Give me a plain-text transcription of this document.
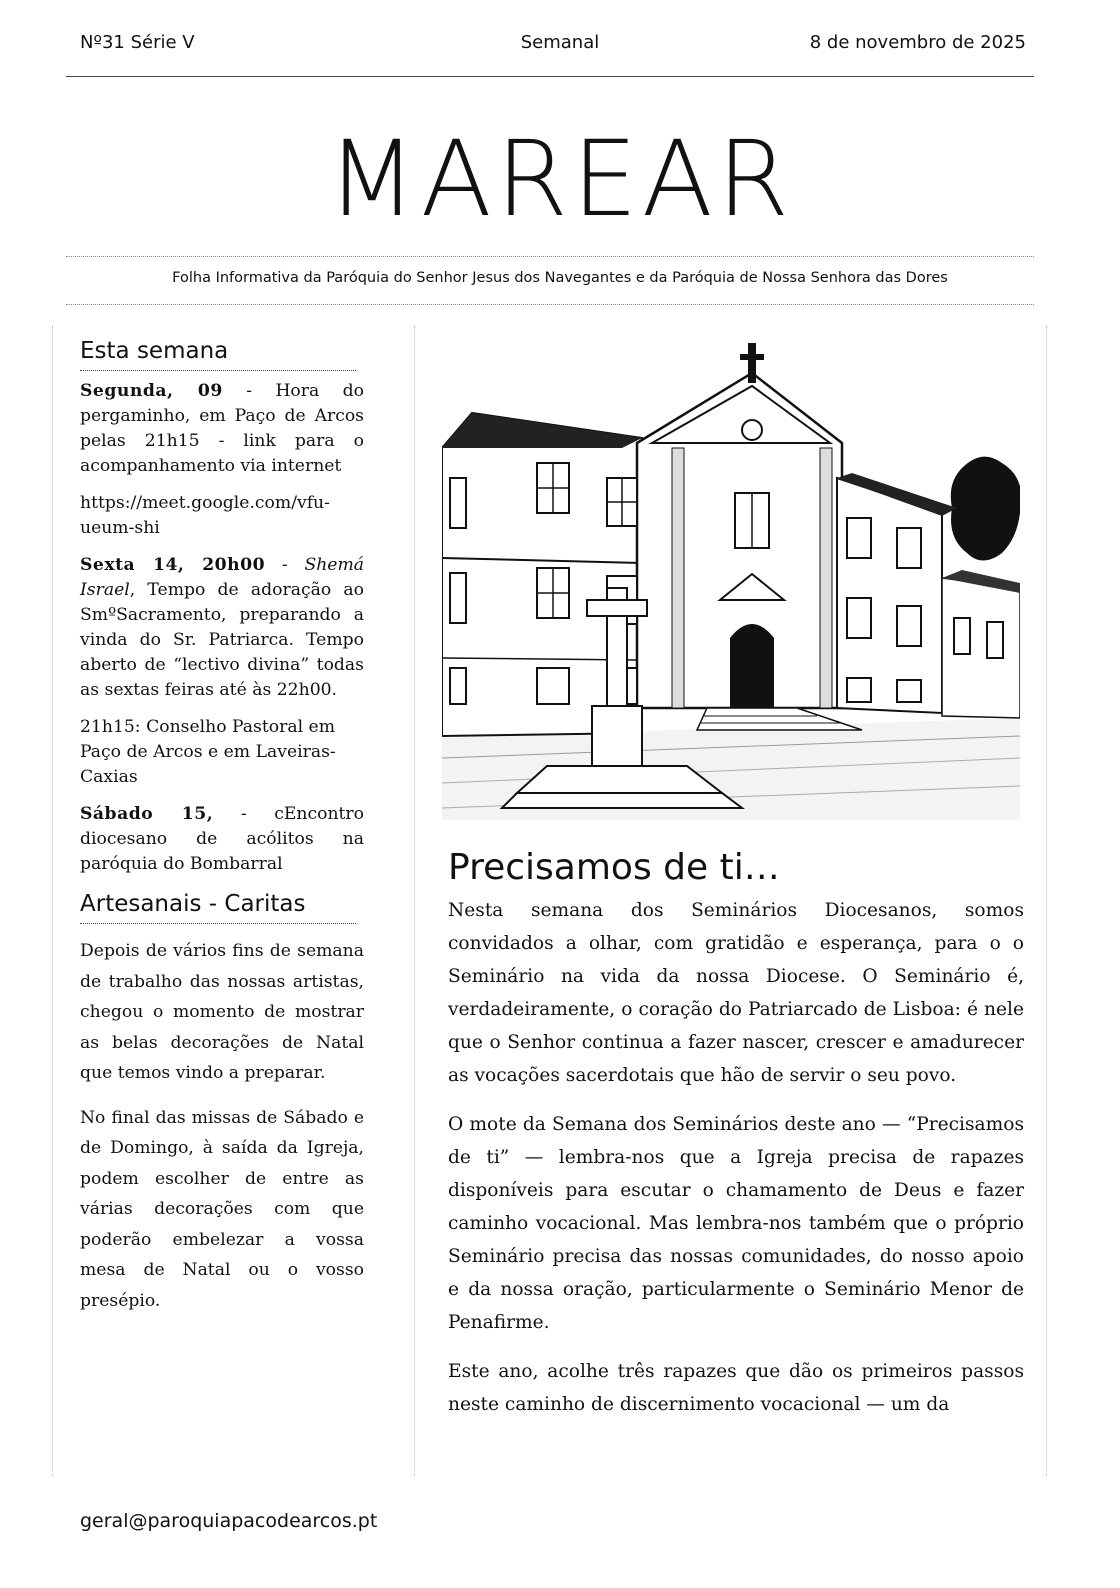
Nº31 Série V	Semanal	8 de novembro de 2025
MAREAR
Folha Informativa da Paróquia do Senhor Jesus dos Navegantes e da Paróquia de Nossa Senhora das Dores
Esta semana

Segunda, 09 - Hora do pergaminho, em Paço de Arcos pelas 21h15 - link para o acompanhamento via internet

https://meet.google.com/vfu-ueum-shi

Sexta 14, 20h00 - Shemá Israel, Tempo de adoração ao SmºSacramento, preparando a vinda do Sr. Patriarca. Tempo aberto de “lectivo divina” todas as sextas feiras até às 22h00.

21h15: Conselho Pastoral em Paço de Arcos e em Laveiras-Caxias

Sábado 15, - cEncontro diocesano de acólitos na paróquia do Bombarral

Artesanais - Caritas

Depois de vários fins de semana de trabalho das nossas artistas, chegou o momento de mostrar as belas decorações de Natal que temos vindo a preparar.

No final das missas de Sábado e de Domingo, à saída da Igreja, podem escolher de entre as várias decorações com que poderão embelezar a vossa mesa de Natal ou o vosso presépio.

Precisamos de ti…

Nesta semana dos Seminários Diocesanos, somos convidados a olhar, com gratidão e esperança, para o o Seminário na vida da nossa Diocese. O Seminário é, verdadeiramente, o coração do Patriarcado de Lisboa: é nele que o Senhor continua a fazer nascer, crescer e amadurecer as vocações sacerdotais que hão de servir o seu povo.

O mote da Semana dos Seminários deste ano — “Precisamos de ti” — lembra-nos que a Igreja precisa de rapazes disponíveis para escutar o chamamento de Deus e fazer caminho vocacional. Mas lembra-nos também que o próprio Seminário precisa das nossas comunidades, do nosso apoio e da nossa oração, particularmente o Seminário Menor de Penafirme.

Este ano, acolhe três rapazes que dão os primeiros passos neste caminho de discernimento vocacional — um da

geral@paroquiapacodearcos.pt
